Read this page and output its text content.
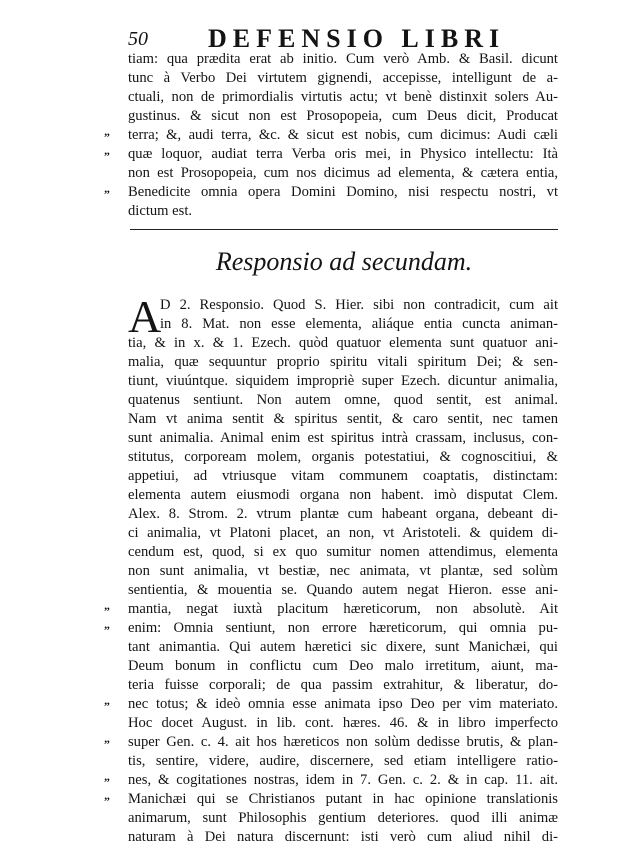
50 DEFENSIO LIBRI
tiam: qua prædita erat ab initio. Cum verò Amb. & Basil. dicunt
tunc à Verbo Dei virtutem gignendi, accepisse, intelligunt de a-
ctuali, non de primordialis virtutis actu; vt benè distinxit solers Au-
gustinus. & sicut non est Prosopopeia, cum Deus dicit, Producat
terra; &, audi terra, &c. & sicut est nobis, cum dicimus: Audi cæli
quæ loquor, audiat terra Verba oris mei, in Physico intellectu: Ità
non est Prosopopeia, cum nos dicimus ad elementa, & cætera entia,
Benedicite omnia opera Domini Domino, nisi respectu nostri, vt
dictum est.
„
„
„
Responsio ad secundam.
A
D 2. Responsio. Quod S. Hier. sibi non contradicit, cum ait
in 8. Mat. non esse elementa, aliáque entia cuncta animan-
tia, & in x. & 1. Ezech. quòd quatuor elementa sunt quatuor ani-
malia, quæ sequuntur proprio spiritu vitali spiritum Dei; & sen-
tiunt, viuúntque. siquidem impropriè super Ezech. dicuntur animalia,
quatenus sentiunt. Non autem omne, quod sentit, est animal.
Nam vt anima sentit & spiritus sentit, & caro sentit, nec tamen
sunt animalia. Animal enim est spiritus intrà crassam, inclusus, con-
stitutus, corpoream molem, organis potestatiui, & cognoscitiui, &
appetiui, ad vtriusque vitam communem coaptatis, distinctam:
elementa autem eiusmodi organa non habent. imò disputat Clem.
Alex. 8. Strom. 2. vtrum plantæ cum habeant organa, debeant di-
ci animalia, vt Platoni placet, an non, vt Aristoteli. & quidem di-
cendum est, quod, si ex quo sumitur nomen attendimus, elementa
non sunt animalia, vt bestiæ, nec animata, vt plantæ, sed solùm
sentientia, & mouentia se. Quando autem negat Hieron. esse ani-
mantia, negat iuxtà placitum hæreticorum, non absolutè. Ait
enim: Omnia sentiunt, non errore hæreticorum, qui omnia pu-
tant animantia. Qui autem hæretici sic dixere, sunt Manichæi, qui
Deum bonum in conflictu cum Deo malo irretitum, aiunt, ma-
teria fuisse corporali; de qua passim extrahitur, & liberatur, do-
nec totus; & ideò omnia esse animata ipso Deo per vim materiato.
Hoc docet August. in lib. cont. hæres. 46. & in libro imperfecto
super Gen. c. 4. ait hos hæreticos non solùm dedisse brutis, & plan-
tis, sentire, videre, audire, discernere, sed etiam intelligere ratio-
nes, & cogitationes nostras, idem in 7. Gen. c. 2. & in cap. 11. ait.
Manichæi qui se Christianos putant in hac opinione translationis
animarum, sunt Philosophis gentium deteriores. quod illi animæ
naturam à Dei natura discernunt: isti verò cum aliud nihil di-
„
„
„
„
„
„
